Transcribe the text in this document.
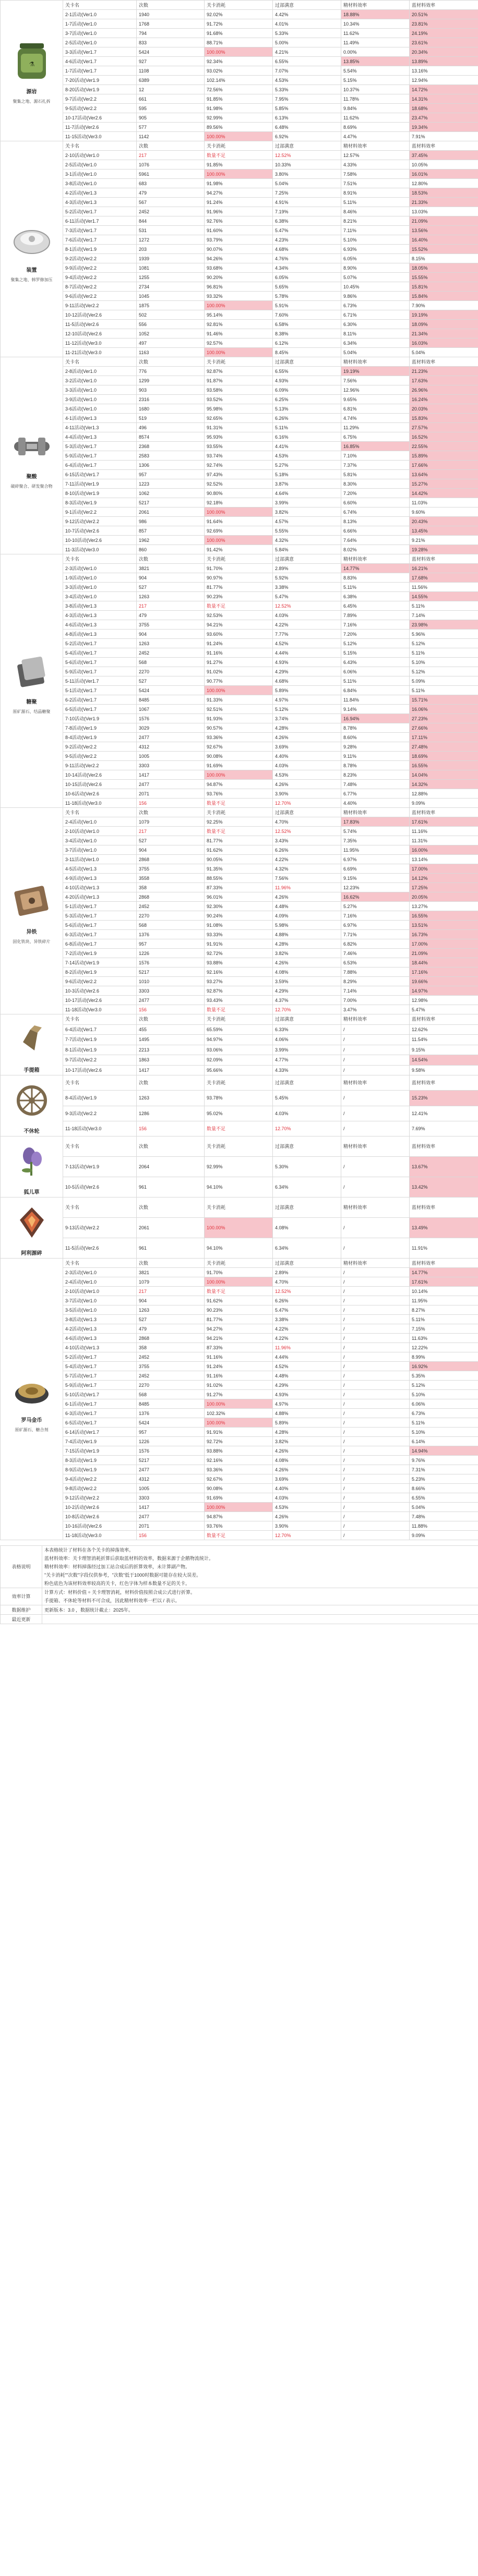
⚗
源岩
聚集之地、源石扎拆	关卡名	次数	关卡消耗	过部满意	精材料效率	蓝材料效率
	2-1活动(Ver1.0	1940	92.02%	4.42%	18.88%	20.51%
	1-7活动(Ver1.0	1768	91.72%	4.01%	10.34%	23.81%
	3-7活动(Ver1.0	794	91.68%	5.33%	11.62%	24.19%
	2-5活动(Ver1.0	833	88.71%	5.00%	11.49%	23.61%
	3-3活动(Ver1.7	5424	100.00%	4.21%	0.00%	20.34%
	4-6活动(Ver1.7	927	92.34%	6.55%	13.85%	13.89%
	1-7活动(Ver1.7	1108	93.02%	7.07%	5.54%	13.16%
	7-20活动(Ver1.9	6389	102.14%	4.53%	5.15%	12.94%
	8-20活动(Ver1.9	12	72.56%	5.33%	10.37%	14.72%
	9-7活动(Ver2.2	661	91.85%	7.95%	11.78%	14.31%
	9-5活动(Ver2.2	595	91.98%	5.85%	9.84%	18.68%
	10-17活动(Ver2.6	905	92.99%	6.13%	11.62%	23.47%
	11-7活动(Ver2.6	577	89.56%	6.48%	8.69%	19.34%
	11-15活动(Ver3.0	1142	100.00%	6.92%	4.47%	7.91%

装置
聚集之地、韩罗修加压	关卡名	次数	关卡消耗	过部满意	精材料效率	蓝材料效率
	2-10活动(Ver1.0	217	数量不足	12.52%	12.57%	37.45%
	2-5活动(Ver1.0	1076	91.85%	10.33%	4.33%	10.05%
	3-1活动(Ver1.0	5961	100.00%	3.80%	7.58%	16.01%
	3-8活动(Ver1.0	683	91.98%	5.04%	7.51%	12.80%
	4-2活动(Ver1.3	479	94.27%	7.25%	8.91%	18.53%
	4-3活动(Ver1.3	567	91.24%	4.91%	5.11%	21.33%
	5-2活动(Ver1.7	2452	91.96%	7.19%	8.46%	13.03%
	6-11活动(Ver1.7	844	92.76%	6.38%	8.21%	21.09%
	7-3活动(Ver1.7	531	91.60%	5.47%	7.11%	13.56%
	7-6活动(Ver1.7	1272	93.79%	4.23%	5.10%	16.40%
	8-1活动(Ver1.9	203	90.07%	4.68%	6.93%	15.52%
	9-2活动(Ver2.2	1939	94.26%	4.76%	6.05%	8.15%
	9-9活动(Ver2.2	1081	93.68%	4.34%	8.90%	18.05%
	9-4活动(Ver2.2	1255	90.20%	6.05%	5.07%	15.55%
	8-7活动(Ver2.2	2734	96.81%	5.65%	10.45%	15.81%
	9-6活动(Ver2.2	1045	93.32%	5.78%	9.86%	15.84%
	9-11活动(Ver2.2	1875	100.00%	5.91%	6.73%	7.90%
	10-12活动(Ver2.6	502	95.14%	7.60%	6.71%	19.19%
	11-5活动(Ver2.6	556	92.81%	6.58%	6.30%	18.09%
	12-10活动(Ver2.6	1052	91.46%	8.38%	8.11%	21.34%
	11-12活动(Ver3.0	497	92.57%	6.12%	6.34%	16.03%
	11-21活动(Ver3.0	1163	100.00%	8.45%	5.04%	5.04%

聚酸
破碎聚合、研发聚合物	关卡名	次数	关卡消耗	过部满意	精材料效率	蓝材料效率
	2-8活动(Ver1.0	776	92.87%	6.55%	19.19%	21.23%
	3-2活动(Ver1.0	1299	91.87%	4.93%	7.56%	17.63%
	3-3活动(Ver1.0	903	93.58%	6.09%	12.96%	26.96%
	3-9活动(Ver1.0	2316	93.52%	6.25%	9.65%	16.24%
	3-6活动(Ver1.0	1680	95.98%	5.13%	6.81%	20.03%
	4-1活动(Ver1.3	519	92.65%	6.26%	4.74%	15.83%
	4-11活动(Ver1.3	496	91.31%	5.11%	11.29%	27.57%
	4-4活动(Ver1.3	8574	95.93%	6.16%	6.75%	16.52%
	5-3活动(Ver1.7	2368	93.55%	4.41%	16.85%	22.55%
	5-9活动(Ver1.7	2583	93.74%	4.53%	7.10%	15.89%
	6-4活动(Ver1.7	1306	92.74%	5.27%	7.37%	17.66%
	6-15活动(Ver1.7	957	97.43%	5.18%	5.81%	13.64%
	7-11活动(Ver1.9	1223	92.52%	3.87%	8.30%	15.27%
	8-10活动(Ver1.9	1062	90.80%	4.64%	7.20%	14.42%
	8-3活动(Ver1.9	5217	92.18%	3.99%	6.60%	11.03%
	9-1活动(Ver2.2	2061	100.00%	3.82%	6.74%	9.60%
	9-12活动(Ver2.2	986	91.64%	4.57%	8.13%	20.43%
	10-7活动(Ver2.6	857	92.69%	5.55%	6.66%	13.45%
	10-10活动(Ver2.6	1962	100.00%	4.32%	7.64%	9.21%
	11-3活动(Ver3.0	860	91.42%	5.84%	8.02%	19.28%

糖聚
原矿源石、结晶糖聚	关卡名	次数	关卡消耗	过部满意	精材料效率	蓝材料效率
	2-3活动(Ver1.0	3821	91.70%	2.89%	14.77%	16.21%
	1-9活动(Ver1.0	904	90.97%	5.92%	8.83%	17.68%
	3-3活动(Ver1.0	527	81.77%	3.38%	5.11%	11.56%
	3-4活动(Ver1.0	1263	90.23%	5.47%	6.38%	14.55%
	3-8活动(Ver1.3	217	数量不足	12.52%	6.45%	5.11%
	4-3活动(Ver1.3	479	92.53%	4.03%	7.89%	7.14%
	4-6活动(Ver1.3	3755	94.21%	4.22%	7.16%	23.98%
	4-8活动(Ver1.3	904	93.60%	7.77%	7.20%	5.96%
	5-2活动(Ver1.7	1263	91.24%	4.52%	5.12%	5.12%
	5-4活动(Ver1.7	2452	91.16%	4.44%	5.15%	5.11%
	5-6活动(Ver1.7	568	91.27%	4.93%	6.43%	5.10%
	5-9活动(Ver1.7	2270	91.02%	4.29%	6.06%	5.12%
	5-11活动(Ver1.7	527	90.77%	4.68%	5.11%	5.09%
	5-1活动(Ver1.7	5424	100.00%	5.89%	6.84%	5.11%
	6-2活动(Ver1.7	8485	91.33%	4.97%	11.84%	15.71%
	6-5活动(Ver1.7	1067	92.51%	5.12%	9.14%	16.06%
	7-10活动(Ver1.9	1576	91.93%	3.74%	16.94%	27.23%
	7-8活动(Ver1.9	3029	90.57%	4.28%	8.78%	27.66%
	8-4活动(Ver1.9	2477	93.36%	4.26%	8.60%	17.11%
	9-2活动(Ver2.2	4312	92.67%	3.69%	9.28%	27.48%
	9-5活动(Ver2.2	1005	90.08%	4.40%	9.11%	18.69%
	9-11活动(Ver2.2	3303	91.69%	4.03%	8.78%	16.55%
	10-14活动(Ver2.6	1417	100.00%	4.53%	8.23%	14.04%
	10-15活动(Ver2.6	2477	94.87%	4.26%	7.48%	14.32%
	10-6活动(Ver2.6	2071	93.76%	3.90%	6.77%	12.88%
	11-18活动(Ver3.0	156	数量不足	12.70%	4.40%	9.09%

异铁
固化铁块、异铁碎片	关卡名	次数	关卡消耗	过部满意	精材料效率	蓝材料效率
	2-4活动(Ver1.0	1079	92.25%	4.70%	17.83%	17.61%
	2-10活动(Ver1.0	217	数量不足	12.52%	5.74%	11.16%
	3-4活动(Ver1.0	527	81.77%	3.43%	7.35%	11.31%
	3-7活动(Ver1.0	904	91.62%	6.26%	11.95%	16.00%
	3-11活动(Ver1.0	2868	90.05%	4.22%	6.97%	13.14%
	4-5活动(Ver1.3	3755	91.35%	4.32%	6.69%	17.00%
	4-9活动(Ver1.3	3558	88.55%	7.56%	9.15%	14.12%
	4-10活动(Ver1.3	358	87.33%	11.96%	12.23%	17.25%
	4-20活动(Ver1.3	2868	96.01%	4.26%	16.62%	20.05%
	5-1活动(Ver1.7	2452	92.30%	4.48%	5.27%	13.27%
	5-3活动(Ver1.7	2270	90.24%	4.09%	7.16%	16.55%
	5-6活动(Ver1.7	568	91.08%	5.98%	6.97%	13.51%
	6-3活动(Ver1.7	1376	93.33%	4.88%	7.71%	16.73%
	6-8活动(Ver1.7	957	91.91%	4.28%	6.82%	17.00%
	7-2活动(Ver1.9	1226	92.72%	3.82%	7.46%	21.09%
	7-14活动(Ver1.9	1576	93.88%	4.26%	6.53%	18.44%
	8-2活动(Ver1.9	5217	92.16%	4.08%	7.88%	17.16%
	9-6活动(Ver2.2	1010	93.27%	3.59%	8.29%	19.66%
	10-3活动(Ver2.6	3303	92.87%	4.29%	7.14%	14.97%
	10-17活动(Ver2.6	2477	93.43%	4.37%	7.00%	12.98%
	11-18活动(Ver3.0	156	数量不足	12.70%	3.47%	5.47%

手提箱	关卡名	次数	关卡消耗	过部满意	精材料效率	蓝材料效率
	6-4活动(Ver1.7	455	65.59%	6.33%	/	12.62%
	7-7活动(Ver1.9	1495	94.97%	4.06%	/	11.54%
	8-1活动(Ver1.9	2213	93.06%	3.99%	/	9.15%
	9-7活动(Ver2.2	1863	92.09%	4.77%	/	14.54%
	10-17活动(Ver2.6	1417	95.66%	4.33%	/	9.58%

不休轮	关卡名	次数	关卡消耗	过部满意	精材料效率	蓝材料效率
	8-4活动(Ver1.9	1263	93.78%	5.45%	/	15.23%
	9-3活动(Ver2.2	1286	95.02%	4.03%	/	12.41%
	11-18活动(Ver3.0	156	数量不足	12.70%	/	7.69%

狐儿草	关卡名	次数	关卡消耗	过部满意	精材料效率	蓝材料效率
	7-13活动(Ver1.9	2064	92.99%	5.30%	/	13.67%
	10-5活动(Ver2.6	961	94.10%	6.34%	/	13.42%

阿利源碎	关卡名	次数	关卡消耗	过部满意	精材料效率	蓝材料效率
	9-13活动(Ver2.2	2061	100.00%	4.08%	/	13.49%
	11-5活动(Ver2.6	961	94.10%	6.34%	/	11.91%

罗马金币
原矿源石、糖合剂	关卡名	次数	关卡消耗	过部满意	精材料效率	蓝材料效率
	2-3活动(Ver1.0	3821	91.70%	2.89%	/	14.77%
	2-4活动(Ver1.0	1079	100.00%	4.70%	/	17.61%
	2-10活动(Ver1.0	217	数量不足	12.52%	/	10.14%
	3-7活动(Ver1.0	904	91.62%	6.26%	/	11.95%
	3-5活动(Ver1.0	1263	90.23%	5.47%	/	8.27%
	3-8活动(Ver1.3	527	81.77%	3.38%	/	5.11%
	4-2活动(Ver1.3	479	94.27%	4.22%	/	7.15%
	4-6活动(Ver1.3	2868	94.21%	4.22%	/	11.63%
	4-10活动(Ver1.3	358	87.33%	11.96%	/	12.22%
	5-2活动(Ver1.7	2452	91.16%	4.44%	/	8.99%
	5-4活动(Ver1.7	3755	91.24%	4.52%	/	16.92%
	5-7活动(Ver1.7	2452	91.16%	4.48%	/	5.35%
	5-9活动(Ver1.7	2270	91.02%	4.29%	/	5.12%
	5-10活动(Ver1.7	568	91.27%	4.93%	/	5.10%
	6-1活动(Ver1.7	8485	100.00%	4.97%	/	6.06%
	6-3活动(Ver1.7	1376	102.32%	4.88%	/	6.73%
	6-5活动(Ver1.7	5424	100.00%	5.89%	/	5.11%
	6-14活动(Ver1.7	957	91.91%	4.28%	/	5.10%
	7-4活动(Ver1.9	1226	92.72%	3.82%	/	6.14%
	7-15活动(Ver1.9	1576	93.88%	4.26%	/	14.94%
	8-3活动(Ver1.9	5217	92.16%	4.08%	/	9.76%
	8-9活动(Ver1.9	2477	93.36%	4.26%	/	7.31%
	9-4活动(Ver2.2	4312	92.67%	3.69%	/	5.23%
	9-8活动(Ver2.2	1005	90.08%	4.40%	/	8.66%
	9-12活动(Ver2.2	3303	91.69%	4.03%	/	6.55%
	10-2活动(Ver2.6	1417	100.00%	4.53%	/	5.04%
	10-8活动(Ver2.6	2477	94.87%	4.26%	/	7.48%
	10-16活动(Ver2.6	2071	93.76%	3.90%	/	11.88%
	11-18活动(Ver3.0	156	数量不足	12.70%	/	9.09%
表格说明	本表格统计了材料在各个关卡的掉落效率。
蓝材料效率：关卡理智消耗折算后获取蓝材料的效率，数据来源于企鹅物流统计。
精材料效率：材料掉落经过加工站合成后的折算效率，未计算副产物。
"关卡消耗""次数"字段仅供参考，"次数"低于1000时数据可能存在较大误差。
粉色底色为该材料效率较高的关卡，红色字体为样本数量不足的关卡。

效率计算	计算方式：材料价值 ÷ 关卡理智消耗，材料价值按照合成公式进行折算。
手提箱、不休轮等材料不可合成，因此精材料效率一栏以 / 表示。

数据维护	更新版本：3.0 ，数据统计截止：2025年。

最近更新	
